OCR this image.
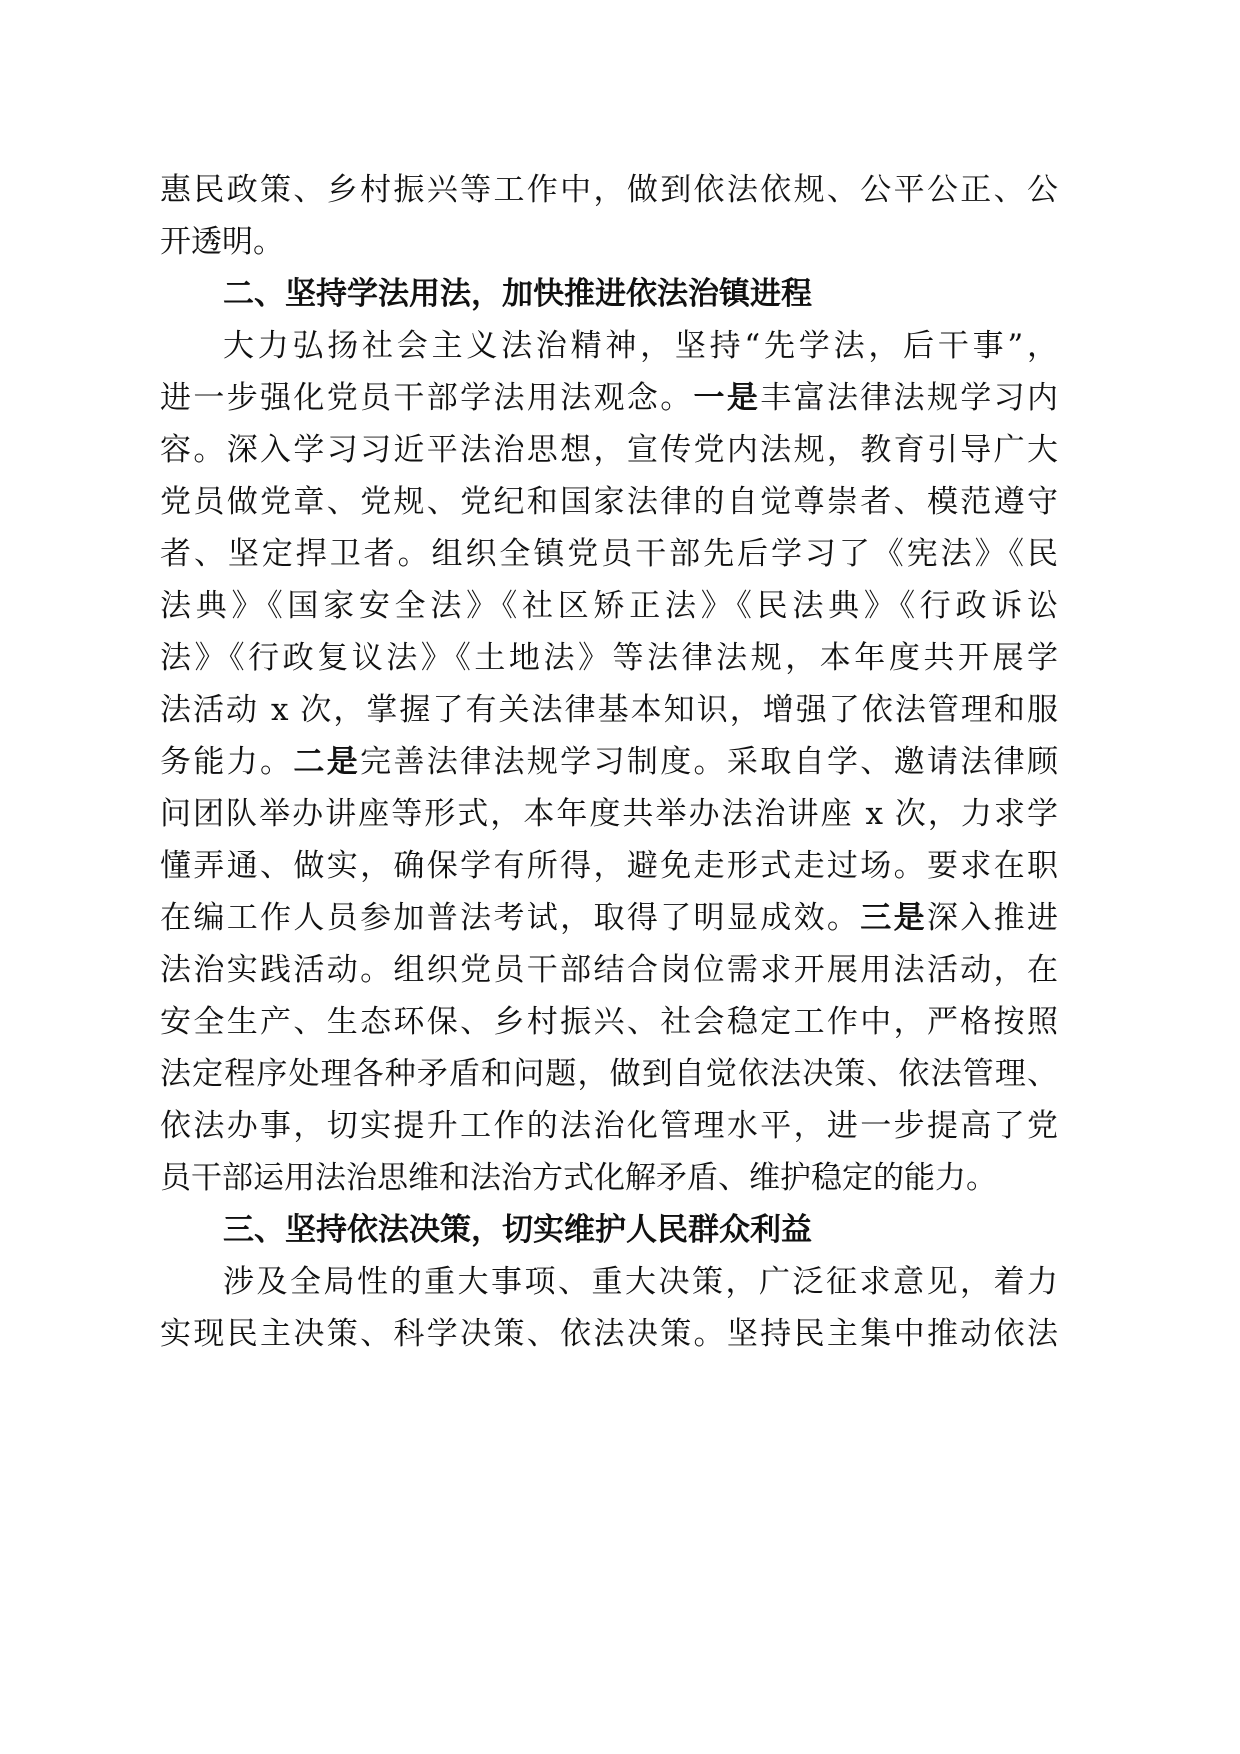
惠民政策、乡村振兴等工作中，做到依法依规、公平公正、公
开透明。
二、坚持学法用法，加快推进依法治镇进程
大力弘扬社会主义法治精神，坚持“先学法，后干事”，
进一步强化党员干部学法用法观念。一是丰富法律法规学习内
容。深入学习习近平法治思想，宣传党内法规，教育引导广大
党员做党章、党规、党纪和国家法律的自觉尊崇者、模范遵守
者、坚定捍卫者。组织全镇党员干部先后学习了《宪法》《民
法典》《国家安全法》《社区矫正法》《民法典》《行政诉讼
法》《行政复议法》《土地法》等法律法规，本年度共开展学
法活动 x 次，掌握了有关法律基本知识，增强了依法管理和服
务能力。二是完善法律法规学习制度。采取自学、邀请法律顾
问团队举办讲座等形式，本年度共举办法治讲座 x 次，力求学
懂弄通、做实，确保学有所得，避免走形式走过场。要求在职
在编工作人员参加普法考试，取得了明显成效。三是深入推进
法治实践活动。组织党员干部结合岗位需求开展用法活动，在
安全生产、生态环保、乡村振兴、社会稳定工作中，严格按照
法定程序处理各种矛盾和问题，做到自觉依法决策、依法管理、
依法办事，切实提升工作的法治化管理水平，进一步提高了党
员干部运用法治思维和法治方式化解矛盾、维护稳定的能力。
三、坚持依法决策，切实维护人民群众利益
涉及全局性的重大事项、重大决策，广泛征求意见，着力
实现民主决策、科学决策、依法决策。坚持民主集中推动依法
